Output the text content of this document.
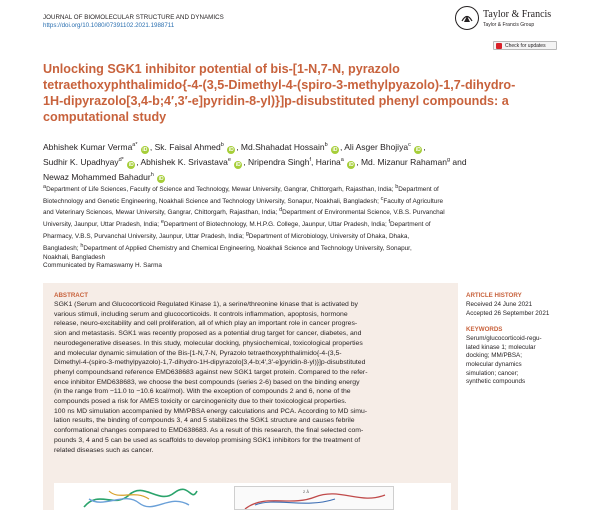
JOURNAL OF BIOMOLECULAR STRUCTURE AND DYNAMICS
https://doi.org/10.1080/07391102.2021.1988711
Taylor & Francis
Taylor & Francis Group
Check for updates
Unlocking SGK1 inhibitor potential of bis-[1-N,7-N, pyrazolo
tetraethoxyphthalimido{-4-(3,5-Dimethyl-4-(spiro-3-methylpyazolo)-1,7-dihydro-
1H-dipyrazolo[3,4-b;4′,3′-e]pyridin-8-yl)}]p-disubstituted phenyl compounds: a
computational study
Abhishek Kumar Verma$^{a*}$ iD , Sk. Faisal Ahmed$^b$ iD , Md.Shahadat Hossain$^b$ iD , Ali Asger Bhojiya$^c$ iD ,
Sudhir K. Upadhyay$^{d*}$ iD , Abhishek K. Srivastava$^e$ iD , Nripendra Singh$^f$, Harina$^a$ iD , Md. Mizanur Rahaman$^g$ and
Newaz Mohammed Bahadur$^h$ iD
$^a$Department of Life Sciences, Faculty of Science and Technology, Mewar University, Gangrar, Chittorgarh, Rajasthan, India; $^b$Department of
Biotechnology and Genetic Engineering, Noakhali Science and Technology University, Sonapur, Noakhali, Bangladesh; $^c$Faculty of Agriculture
and Veterinary Sciences, Mewar University, Gangrar, Chittorgarh, Rajasthan, India; $^d$Department of Environmental Science, V.B.S. Purvanchal
University, Jaunpur, Uttar Pradesh, India; $^e$Department of Biotechnology, M.H.P.G. College, Jaunpur, Uttar Pradesh, India; $^f$Department of
Pharmacy, V.B.S, Purvanchal University, Jaunpur, Uttar Pradesh, India; $^g$Department of Microbiology, University of Dhaka, Dhaka,
Bangladesh; $^h$Department of Applied Chemistry and Chemical Engineering, Noakhali Science and Technology University, Sonapur,
Noakhali, Bangladesh
Communicated by Ramaswamy H. Sarma
ABSTRACT
SGK1 (Serum and Glucocorticoid Regulated Kinase 1), a serine/threonine kinase that is activated by
various stimuli, including serum and glucocorticoids. It controls inflammation, apoptosis, hormone
release, neuro-excitability and cell proliferation, all of which play an important role in cancer progres-
sion and metastasis. SGK1 was recently proposed as a potential drug target for cancer, diabetes, and
neurodegenerative diseases. In this study, molecular docking, physiochemical, toxicological properties
and molecular dynamic simulation of the Bis-[1-N,7-N, Pyrazolo tetraethoxyphthalimido{-4-(3,5-
Dimethyl-4-(spiro-3-methylpyazolo)-1,7-dihydro-1H-dipyrazolo[3,4-b;4′,3′-e]pyridin-8-yl)}]p-disubstituted
phenyl compoundsand reference EMD638683 against new SGK1 target protein. Compared to the refer-
ence inhibitor EMD638683, we choose the best compounds (series 2-6) based on the binding energy
(in the range from −11.0 to −10.6 kcal/mol). With the exception of compounds 2 and 6, none of the
compounds posed a risk for AMES toxicity or carcinogenicity due to their toxicological properties.
100 ns MD simulation accompanied by MM/PBSA energy calculations and PCA. According to MD simu-
lation results, the binding of compounds 3, 4 and 5 stabilizes the SGK1 structure and causes febrile
conformational changes compared to EMD638683. As a result of this research, the final selected com-
pounds 3, 4 and 5 can be used as scaffolds to develop promising SGK1 inhibitors for the treatment of
related diseases such as cancer.
2 Å
ARTICLE HISTORY
Received 24 June 2021
Accepted 26 September 2021
KEYWORDS
Serum/glucocorticoid-regu-
lated kinase 1; molecular
docking; MM/PBSA;
molecular dynamics
simulation; cancer;
synthetic compounds
